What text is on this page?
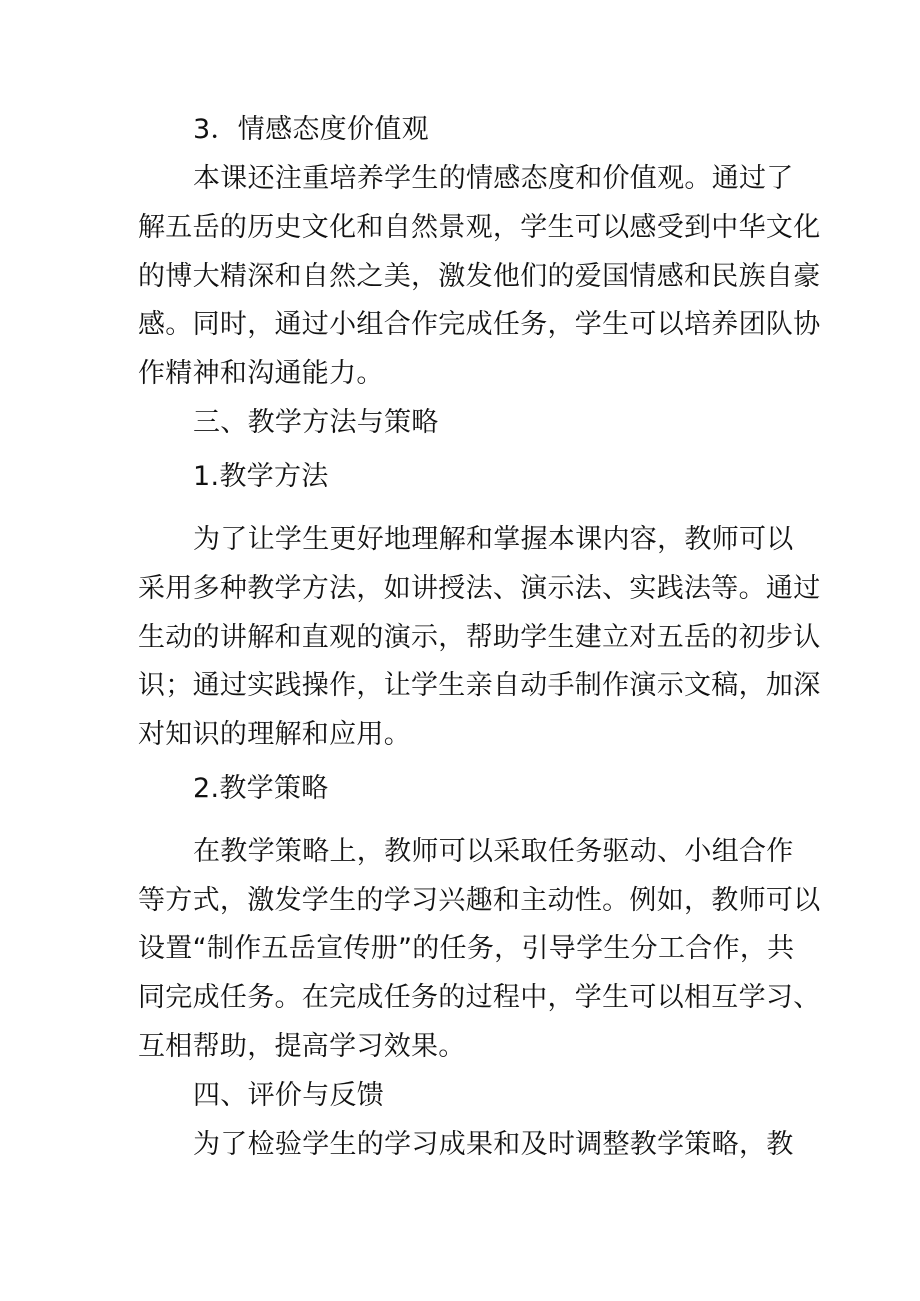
3．情感态度价值观
本课还注重培养学生的情感态度和价值观。通过了
解五岳的历史文化和自然景观，学生可以感受到中华文化
的博大精深和自然之美，激发他们的爱国情感和民族自豪
感。同时，通过小组合作完成任务，学生可以培养团队协
作精神和沟通能力。
三、教学方法与策略
1.教学方法
为了让学生更好地理解和掌握本课内容，教师可以
采用多种教学方法，如讲授法、演示法、实践法等。通过
生动的讲解和直观的演示，帮助学生建立对五岳的初步认
识；通过实践操作，让学生亲自动手制作演示文稿，加深
对知识的理解和应用。
2.教学策略
在教学策略上，教师可以采取任务驱动、小组合作
等方式，激发学生的学习兴趣和主动性。例如，教师可以
设置“制作五岳宣传册”的任务，引导学生分工合作，共
同完成任务。在完成任务的过程中，学生可以相互学习、
互相帮助，提高学习效果。
四、评价与反馈
为了检验学生的学习成果和及时调整教学策略，教
